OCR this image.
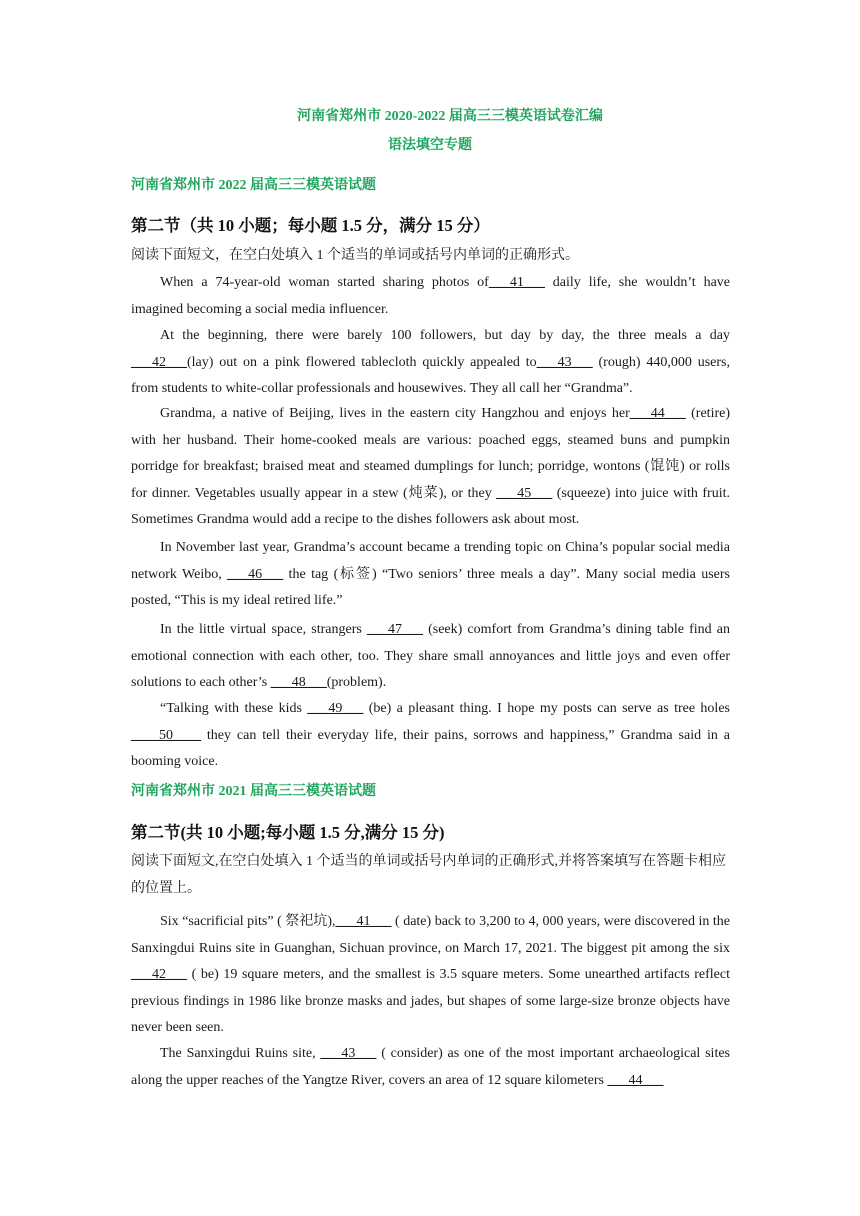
河南省郑州市 2020-2022 届高三三模英语试卷汇编
语法填空专题
河南省郑州市 2022 届高三三模英语试题
第二节（共 10 小题；每小题 1.5 分，满分 15 分）
阅读下面短文，在空白处填入 1 个适当的单词或括号内单词的正确形式。
When a 74-year-old woman started sharing photos of___41___ daily life, she wouldn’t have imagined becoming a social media influencer.
At the beginning, there were barely 100 followers, but day by day, the three meals a day ___42___(lay) out on a pink flowered tablecloth quickly appealed to___43___ (rough) 440,000 users, from students to white-collar professionals and housewives. They all call her “Grandma”.
Grandma, a native of Beijing, lives in the eastern city Hangzhou and enjoys her___44___ (retire) with her husband. Their home-cooked meals are various: poached eggs, steamed buns and pumpkin porridge for breakfast; braised meat and steamed dumplings for lunch; porridge, wontons (馄饨) or rolls for dinner. Vegetables usually appear in a stew (炖菜), or they ___45___ (squeeze) into juice with fruit. Sometimes Grandma would add a recipe to the dishes followers ask about most.
In November last year, Grandma’s account became a trending topic on China’s popular social media network Weibo, ___46___ the tag (标签) “Two seniors’ three meals a day”. Many social media users posted, “This is my ideal retired life.”
In the little virtual space, strangers ___47___ (seek) comfort from Grandma’s dining table find an emotional connection with each other, too. They share small annoyances and little joys and even offer solutions to each other’s ___48___(problem).
“Talking with these kids ___49___ (be) a pleasant thing. I hope my posts can serve as tree holes ____50____ they can tell their everyday life, their pains, sorrows and happiness,” Grandma said in a booming voice.
河南省郑州市 2021 届高三三模英语试题
第二节(共 10 小题;每小题 1.5 分,满分 15 分)
阅读下面短文,在空白处填入 1 个适当的单词或括号内单词的正确形式,并将答案填写在答题卡相应的位置上。
Six “sacrificial pits” ( 祭祀坑),___41___ ( date) back to 3,200 to 4, 000 years, were discovered in the Sanxingdui Ruins site in Guanghan, Sichuan province, on March 17, 2021. The biggest pit among the six ___42___ ( be) 19 square meters, and the smallest is 3.5 square meters. Some unearthed artifacts reflect previous findings in 1986 like bronze masks and jades, but shapes of some large-size bronze objects have never been seen.
The Sanxingdui Ruins site, ___43___ ( consider) as one of the most important archaeological sites along the upper reaches of the Yangtze River, covers an area of 12 square kilometers ___44___
